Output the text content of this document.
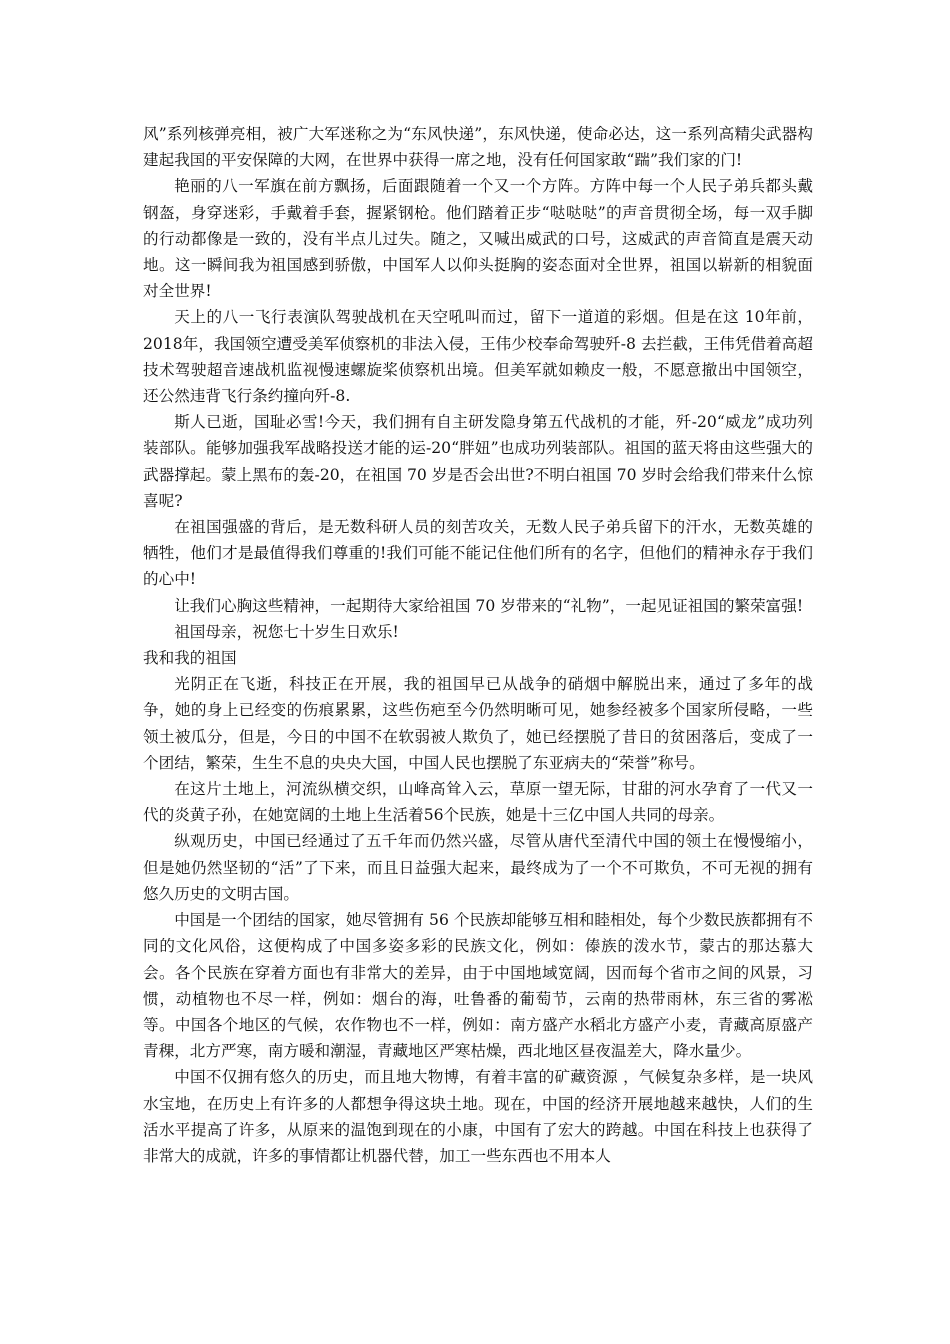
风”系列核弹亮相，被广大军迷称之为“东风快递”，东风快递，使命必达，这一系列高精尖武器构建起我国的平安保障的大网，在世界中获得一席之地，没有任何国家敢“踹”我们家的门!

艳丽的八一军旗在前方飘扬，后面跟随着一个又一个方阵。方阵中每一个人民子弟兵都头戴钢盔，身穿迷彩，手戴着手套，握紧钢枪。他们踏着正步“哒哒哒”的声音贯彻全场，每一双手脚的行动都像是一致的，没有半点儿过失。随之，又喊出威武的口号，这威武的声音简直是震天动地。这一瞬间我为祖国感到骄傲，中国军人以仰头挺胸的姿态面对全世界，祖国以崭新的相貌面对全世界!

天上的八一飞行表演队驾驶战机在天空吼叫而过，留下一道道的彩烟。但是在这 10年前，2018年，我国领空遭受美军侦察机的非法入侵，王伟少校奉命驾驶歼-8 去拦截，王伟凭借着高超技术驾驶超音速战机监视慢速螺旋桨侦察机出境。但美军就如赖皮一般，不愿意撤出中国领空，还公然违背飞行条约撞向歼-8.

斯人已逝，国耻必雪!今天，我们拥有自主研发隐身第五代战机的才能，歼-20“威龙”成功列装部队。能够加强我军战略投送才能的运-20“胖妞”也成功列装部队。祖国的蓝天将由这些强大的武器撑起。蒙上黑布的轰-20，在祖国 70 岁是否会出世?不明白祖国 70 岁时会给我们带来什么惊喜呢?

在祖国强盛的背后，是无数科研人员的刻苦攻关，无数人民子弟兵留下的汗水，无数英雄的牺牲，他们才是最值得我们尊重的!我们可能不能记住他们所有的名字，但他们的精神永存于我们的心中!

让我们心胸这些精神，一起期待大家给祖国 70 岁带来的“礼物”，一起见证祖国的繁荣富强!

祖国母亲，祝您七十岁生日欢乐!

我和我的祖国

光阴正在飞逝，科技正在开展，我的祖国早已从战争的硝烟中解脱出来，通过了多年的战争，她的身上已经变的伤痕累累，这些伤疤至今仍然明晰可见，她参经被多个国家所侵略，一些领土被瓜分，但是，今日的中国不在软弱被人欺负了，她已经摆脱了昔日的贫困落后，变成了一个团结，繁荣，生生不息的央央大国，中国人民也摆脱了东亚病夫的“荣誉”称号。

在这片土地上，河流纵横交织，山峰高耸入云，草原一望无际，甘甜的河水孕育了一代又一代的炎黄子孙，在她宽阔的土地上生活着56个民族，她是十三亿中国人共同的母亲。

纵观历史，中国已经通过了五千年而仍然兴盛，尽管从唐代至清代中国的领土在慢慢缩小，但是她仍然坚韧的“活”了下来，而且日益强大起来，最终成为了一个不可欺负，不可无视的拥有悠久历史的文明古国。

中国是一个团结的国家，她尽管拥有 56 个民族却能够互相和睦相处，每个少数民族都拥有不同的文化风俗，这便构成了中国多姿多彩的民族文化，例如：傣族的泼水节，蒙古的那达慕大会。各个民族在穿着方面也有非常大的差异，由于中国地域宽阔，因而每个省市之间的风景，习惯，动植物也不尽一样，例如：烟台的海，吐鲁番的葡萄节，云南的热带雨林，东三省的雾凇等。中国各个地区的气候，农作物也不一样，例如：南方盛产水稻北方盛产小麦，青藏高原盛产青稞，北方严寒，南方暖和潮湿，青藏地区严寒枯燥，西北地区昼夜温差大，降水量少。

中国不仅拥有悠久的历史，而且地大物博，有着丰富的矿藏资源 ，气候复杂多样，是一块风水宝地，在历史上有许多的人都想争得这块土地。现在，中国的经济开展地越来越快，人们的生活水平提高了许多，从原来的温饱到现在的小康，中国有了宏大的跨越。中国在科技上也获得了非常大的成就，许多的事情都让机器代替，加工一些东西也不用本人
